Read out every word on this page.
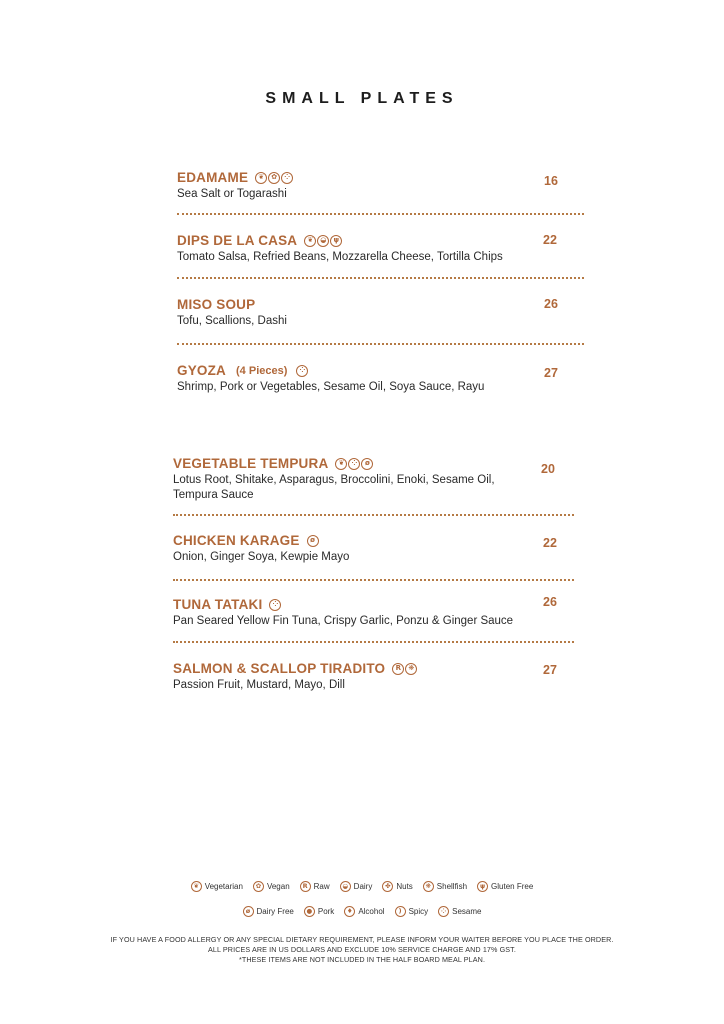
SMALL PLATES
EDAMAME	❦	✿	⁘
Sea Salt or Togarashi
16
DIPS DE LA CASA	❦	◒	ψ
Tomato Salsa, Refried Beans, Mozzarella Cheese, Tortilla Chips
22
MISO SOUP
Tofu, Scallions, Dashi
26
GYOZA (4 Pieces)	⁘
Shrimp, Pork or Vegetables, Sesame Oil, Soya Sauce, Rayu
27
VEGETABLE TEMPURA	❦	⁘	ø
Lotus Root, Shitake, Asparagus, Broccolini, Enoki, Sesame Oil, Tempura Sauce
20
CHICKEN KARAGE	ø
Onion, Ginger Soya, Kewpie Mayo
22
TUNA TATAKI	⁘
Pan Seared Yellow Fin Tuna, Crispy Garlic, Ponzu & Ginger Sauce
26
SALMON & SCALLOP TIRADITO	R	❋
Passion Fruit, Mustard, Mayo, Dill
27
❦ Vegetarian	✿ Vegan	R Raw	◒ Dairy	✤ Nuts	❋ Shellfish	ψ Gluten Free
ø Dairy Free	● Pork	♦ Alcohol	) Spicy	⁘ Sesame
IF YOU HAVE A FOOD ALLERGY OR ANY SPECIAL DIETARY REQUIREMENT, PLEASE INFORM YOUR WAITER BEFORE YOU PLACE THE ORDER.
ALL PRICES ARE IN US DOLLARS AND EXCLUDE 10% SERVICE CHARGE AND 17% GST.
*THESE ITEMS ARE NOT INCLUDED IN THE HALF BOARD MEAL PLAN.
